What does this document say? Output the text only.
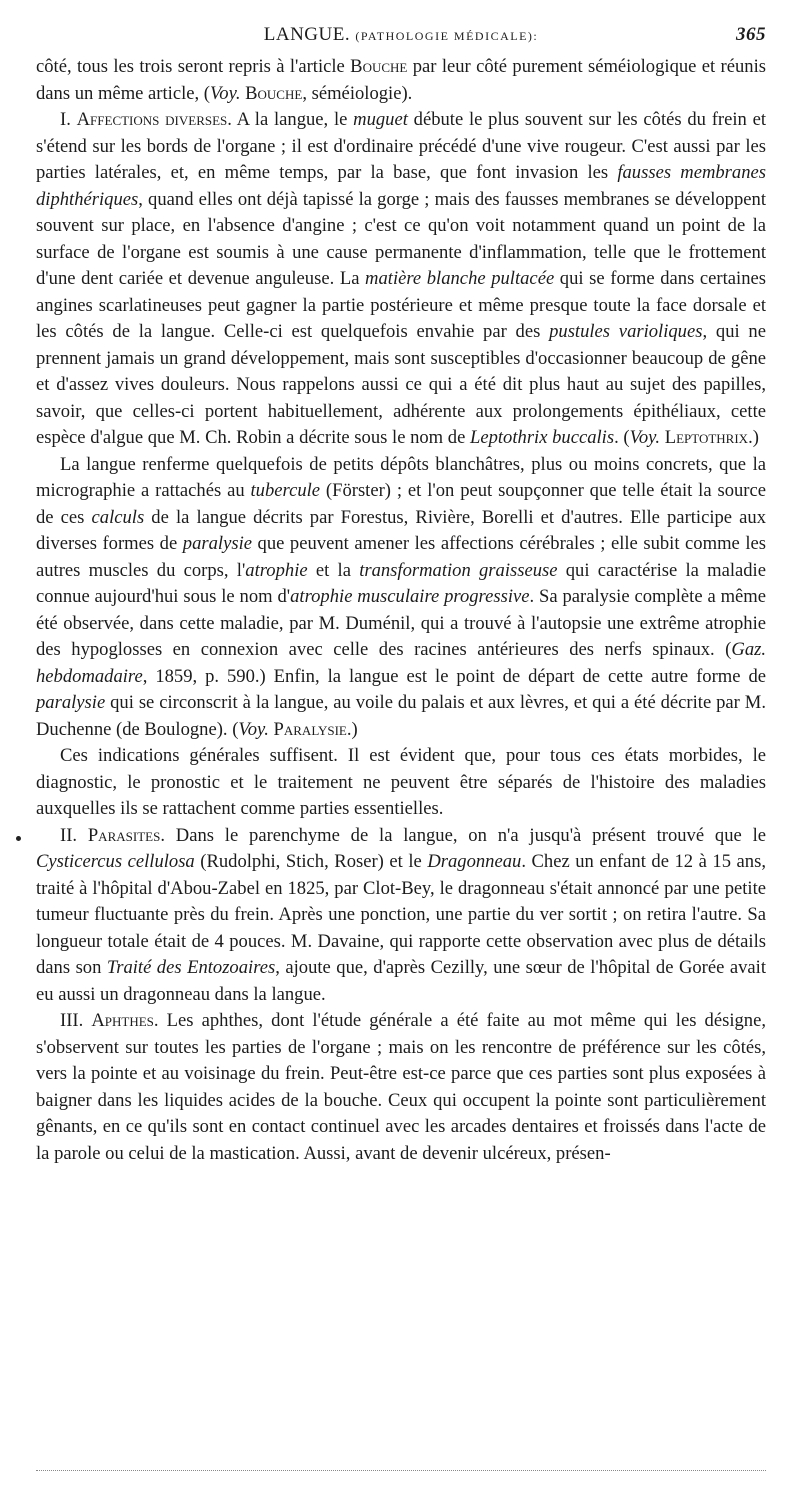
LANGUE. (PATHOLOGIE MÉDICALE):	365

côté, tous les trois seront repris à l'article Bouche par leur côté purement séméiologique et réunis dans un même article, (Voy. Bouche, séméiologie).

I. Affections diverses. A la langue, le muguet débute le plus souvent sur les côtés du frein et s'étend sur les bords de l'organe ; il est d'ordinaire précédé d'une vive rougeur. C'est aussi par les parties latérales, et, en même temps, par la base, que font invasion les fausses membranes diphthériques, quand elles ont déjà tapissé la gorge ; mais des fausses membranes se développent souvent sur place, en l'absence d'angine ; c'est ce qu'on voit notamment quand un point de la surface de l'organe est soumis à une cause permanente d'inflammation, telle que le frottement d'une dent cariée et devenue anguleuse. La matière blanche pultacée qui se forme dans certaines angines scarlatineuses peut gagner la partie postérieure et même presque toute la face dorsale et les côtés de la langue. Celle-ci est quelquefois envahie par des pustules varioliques, qui ne prennent jamais un grand développement, mais sont susceptibles d'occasionner beaucoup de gêne et d'assez vives douleurs. Nous rappelons aussi ce qui a été dit plus haut au sujet des papilles, savoir, que celles-ci portent habituellement, adhérente aux prolongements épithéliaux, cette espèce d'algue que M. Ch. Robin a décrite sous le nom de Leptothrix buccalis. (Voy. Leptothrix.)

La langue renferme quelquefois de petits dépôts blanchâtres, plus ou moins concrets, que la micrographie a rattachés au tubercule (Förster) ; et l'on peut soupçonner que telle était la source de ces calculs de la langue décrits par Forestus, Rivière, Borelli et d'autres. Elle participe aux diverses formes de paralysie que peuvent amener les affections cérébrales ; elle subit comme les autres muscles du corps, l'atrophie et la transformation graisseuse qui caractérise la maladie connue aujourd'hui sous le nom d'atrophie musculaire progressive. Sa paralysie complète a même été observée, dans cette maladie, par M. Duménil, qui a trouvé à l'autopsie une extrême atrophie des hypoglosses en connexion avec celle des racines antérieures des nerfs spinaux. (Gaz. hebdomadaire, 1859, p. 590.) Enfin, la langue est le point de départ de cette autre forme de paralysie qui se circonscrit à la langue, au voile du palais et aux lèvres, et qui a été décrite par M. Duchenne (de Boulogne). (Voy. Paralysie.)

Ces indications générales suffisent. Il est évident que, pour tous ces états morbides, le diagnostic, le pronostic et le traitement ne peuvent être séparés de l'histoire des maladies auxquelles ils se rattachent comme parties essentielles.

II. Parasites. Dans le parenchyme de la langue, on n'a jusqu'à présent trouvé que le Cysticercus cellulosa (Rudolphi, Stich, Roser) et le Dragonneau. Chez un enfant de 12 à 15 ans, traité à l'hôpital d'Abou-Zabel en 1825, par Clot-Bey, le dragonneau s'était annoncé par une petite tumeur fluctuante près du frein. Après une ponction, une partie du ver sortit ; on retira l'autre. Sa longueur totale était de 4 pouces. M. Davaine, qui rapporte cette observation avec plus de détails dans son Traité des Entozoaires, ajoute que, d'après Cezilly, une sœur de l'hôpital de Gorée avait eu aussi un dragonneau dans la langue.

III. Aphthes. Les aphthes, dont l'étude générale a été faite au mot même qui les désigne, s'observent sur toutes les parties de l'organe ; mais on les rencontre de préférence sur les côtés, vers la pointe et au voisinage du frein. Peut-être est-ce parce que ces parties sont plus exposées à baigner dans les liquides acides de la bouche. Ceux qui occupent la pointe sont particulièrement gênants, en ce qu'ils sont en contact continuel avec les arcades dentaires et froissés dans l'acte de la parole ou celui de la mastication. Aussi, avant de devenir ulcéreux, présen-
